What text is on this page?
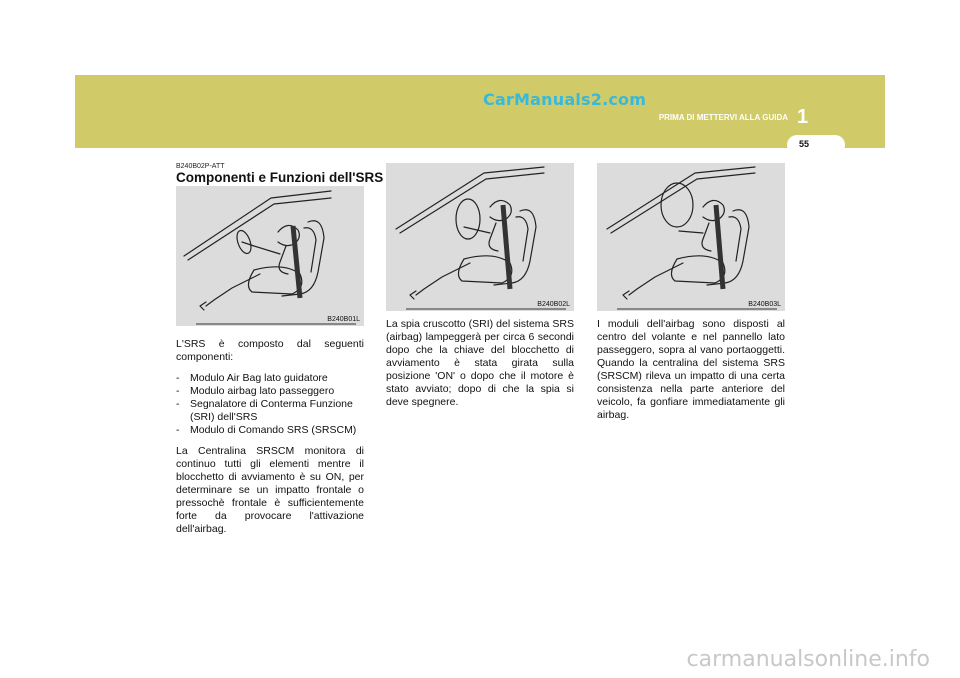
CarManuals2.com
PRIMA DI METTERVI ALLA GUIDA 1
55
B240B02P-ATT
Componenti e Funzioni dell'SRS
B240B01L
B240B02L	B240B03L

L'SRS è composto dal seguenti componenti:

- Modulo Air Bag lato guidatore
- Modulo airbag lato passeggero
- Segnalatore di Conterma Funzione (SRI) dell'SRS
- Modulo di Comando SRS (SRSCM)

La Centralina SRSCM monitora di continuo tutti gli elementi mentre il blocchetto di avviamento è su ON, per determinare se un impatto frontale o pressochè frontale è sufficientemente forte da provocare l'attivazione dell'airbag.

La spia cruscotto (SRI) del sistema SRS (airbag) lampeggerà per circa 6 secondi dopo che la chiave del blocchetto di avviamento è stata girata sulla posizione 'ON' o dopo che il motore è stato avviato; dopo di che la spia si deve spegnere.

I moduli dell'airbag sono disposti al centro del volante e nel pannello lato passeggero, sopra al vano portaoggetti. Quando la centralina del sistema SRS (SRSCM) rileva un impatto di una certa consistenza nella parte anteriore del veicolo, fa gonfiare immediatamente gli airbag.

carmanualsonline.info
